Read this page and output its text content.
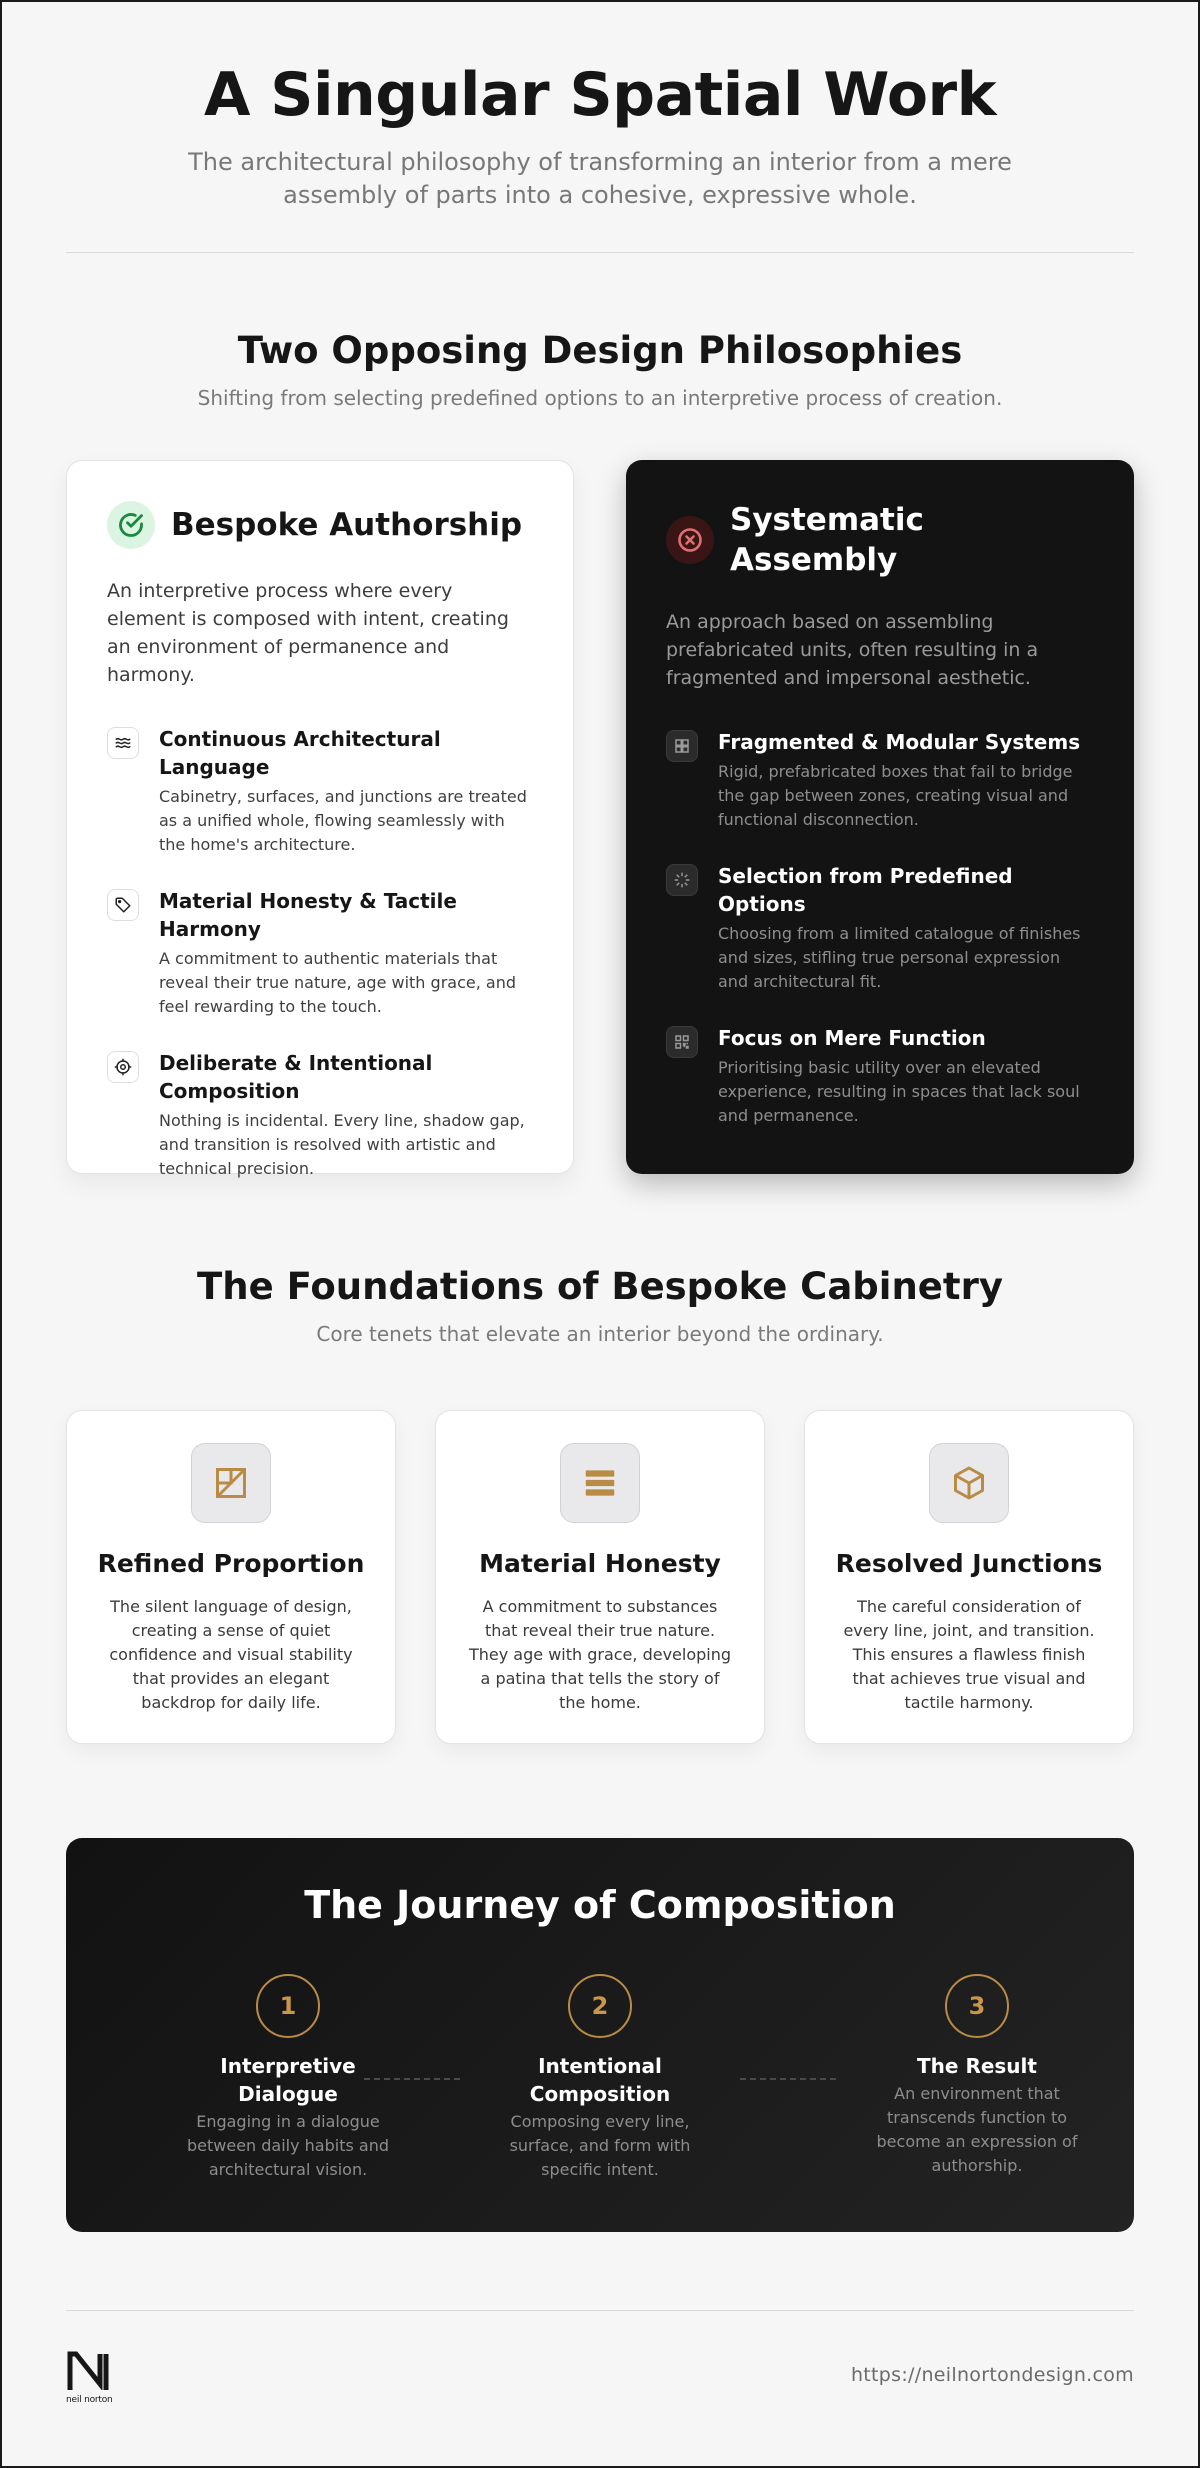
A Singular Spatial Work

The architectural philosophy of transforming an interior from a mere assembly of parts into a cohesive, expressive whole.

Two Opposing Design Philosophies

Shifting from selecting predefined options to an interpretive process of creation.

Bespoke Authorship

An interpretive process where every element is composed with intent, creating an environment of permanence and harmony.

Continuous Architectural Language

Cabinetry, surfaces, and junctions are treated as a unified whole, flowing seamlessly with the home's architecture.

Material Honesty & Tactile Harmony

A commitment to authentic materials that reveal their true nature, age with grace, and feel rewarding to the touch.

Deliberate & Intentional Composition

Nothing is incidental. Every line, shadow gap, and transition is resolved with artistic and technical precision.

Systematic Assembly

An approach based on assembling prefabricated units, often resulting in a fragmented and impersonal aesthetic.

Fragmented & Modular Systems

Rigid, prefabricated boxes that fail to bridge the gap between zones, creating visual and functional disconnection.

Selection from Predefined Options

Choosing from a limited catalogue of finishes and sizes, stifling true personal expression and architectural fit.

Focus on Mere Function

Prioritising basic utility over an elevated experience, resulting in spaces that lack soul and permanence.

The Foundations of Bespoke Cabinetry

Core tenets that elevate an interior beyond the ordinary.

Refined Proportion

The silent language of design, creating a sense of quiet confidence and visual stability that provides an elegant backdrop for daily life.

Material Honesty

A commitment to substances that reveal their true nature. They age with grace, developing a patina that tells the story of the home.

Resolved Junctions

The careful consideration of every line, joint, and transition. This ensures a flawless finish that achieves true visual and tactile harmony.

The Journey of Composition
1
Interpretive Dialogue

Engaging in a dialogue between daily habits and architectural vision.

2
Intentional Composition

Composing every line, surface, and form with specific intent.

3
The Result

An environment that transcends function to become an expression of authorship.

neil norton
https://neilnortondesign.com
